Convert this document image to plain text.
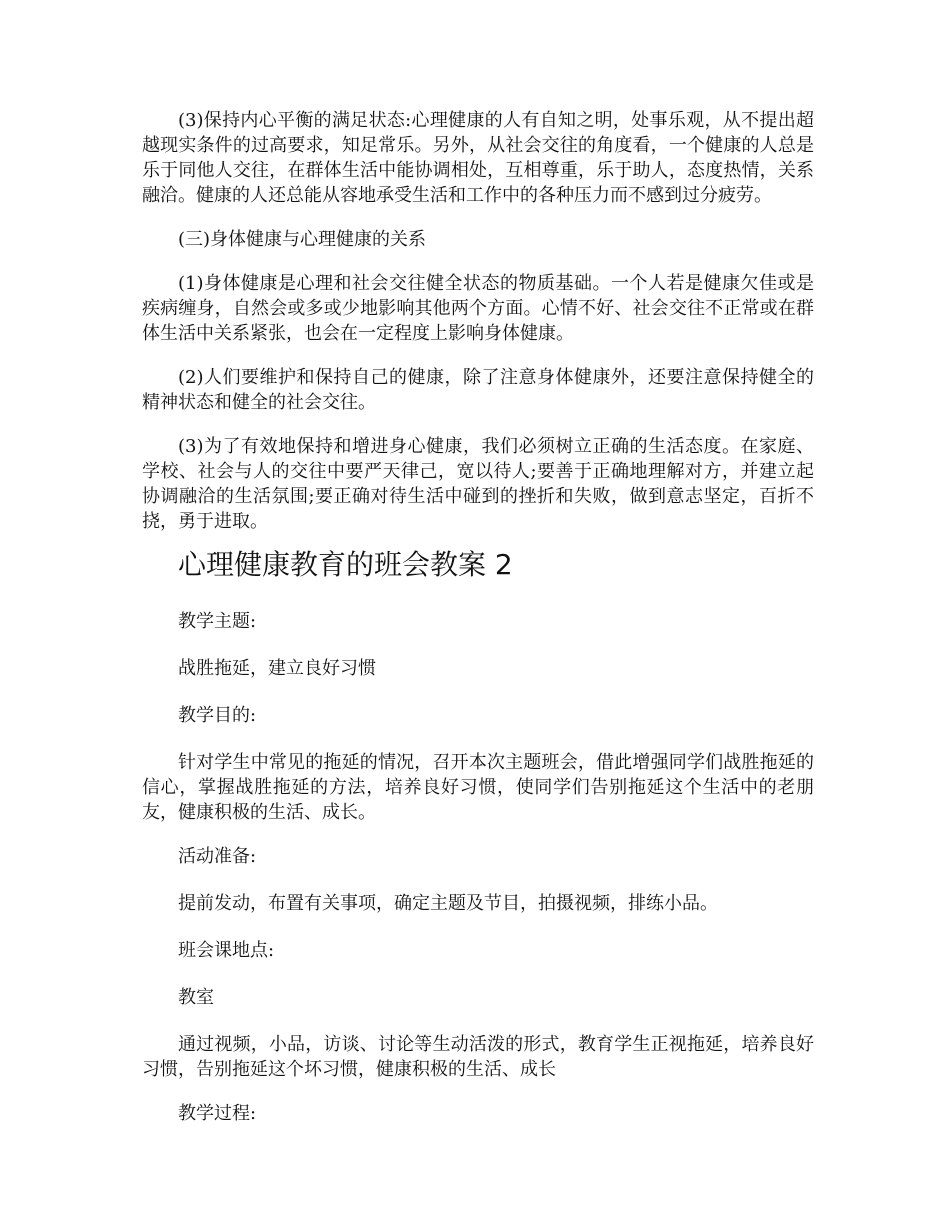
(3)保持内心平衡的满足状态:心理健康的人有自知之明，处事乐观，从不提出超越现实条件的过高要求，知足常乐。另外，从社会交往的角度看，一个健康的人总是乐于同他人交往，在群体生活中能协调相处，互相尊重，乐于助人，态度热情，关系融洽。健康的人还总能从容地承受生活和工作中的各种压力而不感到过分疲劳。

(三)身体健康与心理健康的关系

(1)身体健康是心理和社会交往健全状态的物质基础。一个人若是健康欠佳或是疾病缠身，自然会或多或少地影响其他两个方面。心情不好、社会交往不正常或在群体生活中关系紧张，也会在一定程度上影响身体健康。

(2)人们要维护和保持自己的健康，除了注意身体健康外，还要注意保持健全的精神状态和健全的社会交往。

(3)为了有效地保持和增进身心健康，我们必须树立正确的生活态度。在家庭、学校、社会与人的交往中要严天律己，宽以待人;要善于正确地理解对方，并建立起协调融洽的生活氛围;要正确对待生活中碰到的挫折和失败，做到意志坚定，百折不挠，勇于进取。

心理健康教育的班会教案 2

教学主题:

战胜拖延，建立良好习惯

教学目的:

针对学生中常见的拖延的情况，召开本次主题班会，借此增强同学们战胜拖延的信心，掌握战胜拖延的方法，培养良好习惯，使同学们告别拖延这个生活中的老朋友，健康积极的生活、成长。

活动准备:

提前发动，布置有关事项，确定主题及节目，拍摄视频，排练小品。

班会课地点:

教室

通过视频，小品，访谈、讨论等生动活泼的形式，教育学生正视拖延，培养良好习惯，告别拖延这个坏习惯，健康积极的生活、成长

教学过程:
